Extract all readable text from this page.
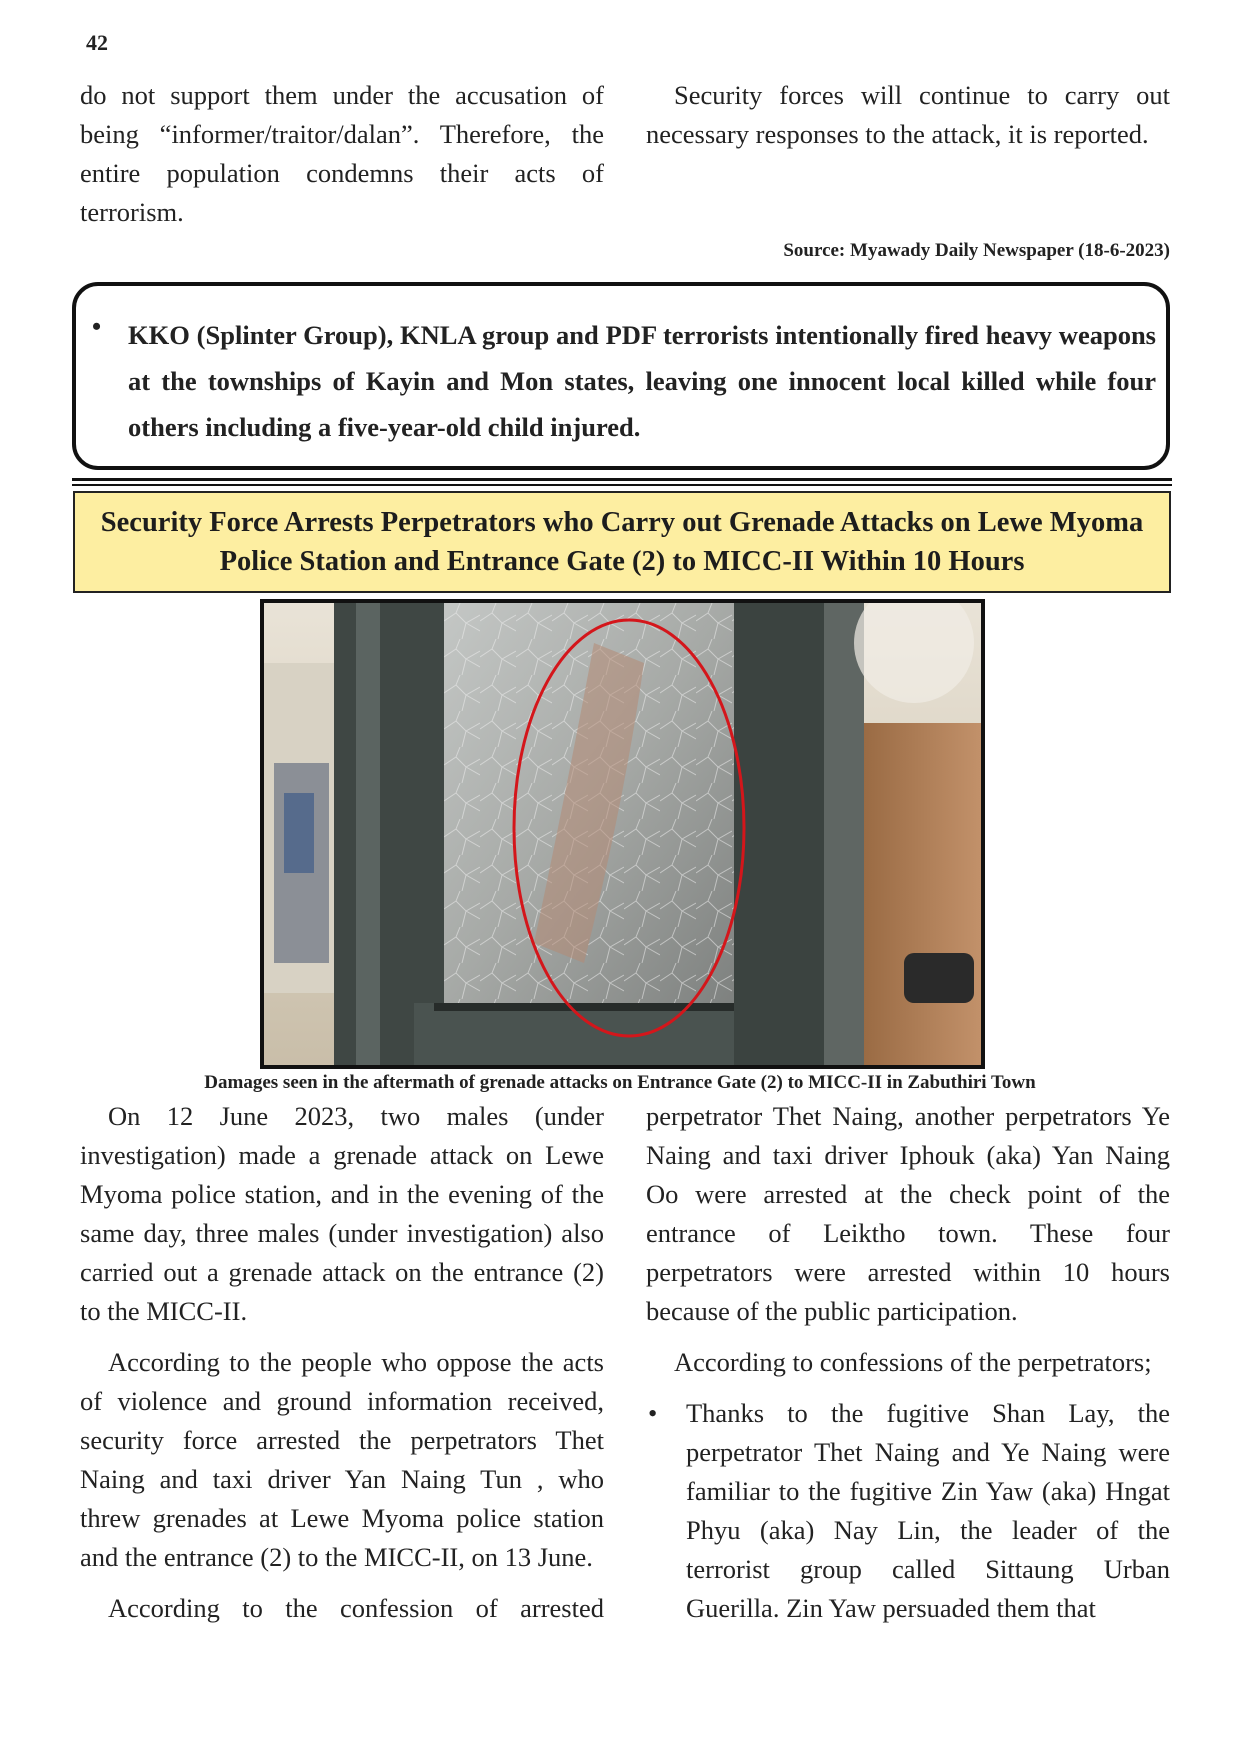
42

do not support them under the accusation of being “informer/traitor/dalan”. Therefore, the entire population condemns their acts of terrorism.

Security forces will continue to carry out necessary responses to the attack, it is reported.

Source: Myawady Daily Newspaper (18-6-2023)
• KKO (Splinter Group), KNLA group and PDF terrorists intentionally fired heavy weapons at the townships of Kayin and Mon states, leaving one innocent local killed while four others including a five-year-old child injured.
Security Force Arrests Perpetrators who Carry out Grenade Attacks on Lewe Myoma Police Station and Entrance Gate (2) to MICC-II Within 10 Hours
Damages seen in the aftermath of grenade attacks on Entrance Gate (2) to MICC-II in Zabuthiri Town

On 12 June 2023, two males (under investigation) made a grenade attack on Lewe Myoma police station, and in the evening of the same day, three males (under investigation) also carried out a grenade attack on the entrance (2) to the MICC-II.

According to the people who oppose the acts of violence and ground information received, security force arrested the perpetrators Thet Naing and taxi driver Yan Naing Tun , who threw grenades at Lewe Myoma police station and the entrance (2) to the MICC-II, on 13 June.

According to the confession of arrested

perpetrator Thet Naing, another perpetrators Ye Naing and taxi driver Iphouk (aka) Yan Naing Oo were arrested at the check point of the entrance of Leiktho town. These four perpetrators were arrested within 10 hours because of the public participation.

According to confessions of the perpetrators;

• Thanks to the fugitive Shan Lay, the perpetrator Thet Naing and Ye Naing were familiar to the fugitive Zin Yaw (aka) Hngat Phyu (aka) Nay Lin, the leader of the terrorist group called Sittaung Urban Guerilla. Zin Yaw persuaded them that
